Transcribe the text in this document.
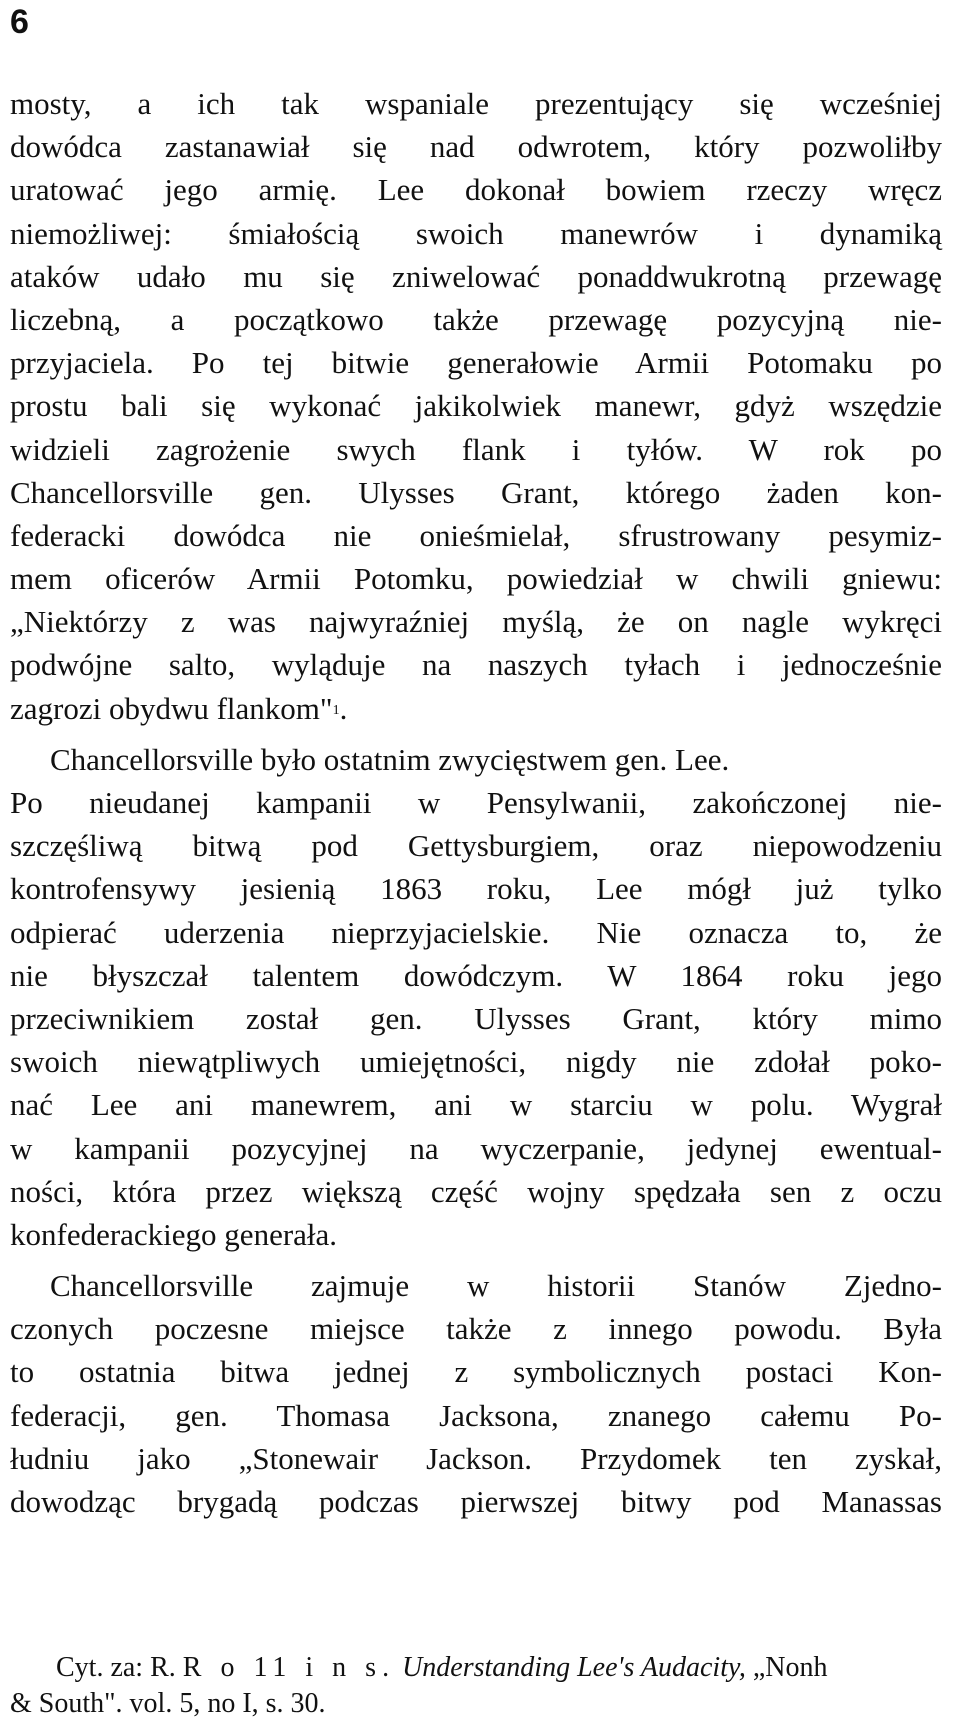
6
mosty, a ich tak wspaniale prezentujący się wcześniej
dowódca zastanawiał się nad odwrotem, który pozwoliłby
uratować jego armię. Lee dokonał bowiem rzeczy wręcz
niemożliwej: śmiałością swoich manewrów i dynamiką
ataków udało mu się zniwelować ponaddwukrotną przewagę
liczebną, a początkowo także przewagę pozycyjną nie-
przyjaciela. Po tej bitwie generałowie Armii Potomaku po
prostu bali się wykonać jakikolwiek manewr, gdyż wszędzie
widzieli zagrożenie swych flank i tyłów. W rok po
Chancellorsville gen. Ulysses Grant, którego żaden kon-
federacki dowódca nie onieśmielał, sfrustrowany pesymiz-
mem oficerów Armii Potomku, powiedział w chwili gniewu:
„Niektórzy z was najwyraźniej myślą, że on nagle wykręci
podwójne salto, wyląduje na naszych tyłach i jednocześnie
zagrozi obydwu flankom"$^1$.
Chancellorsville było ostatnim zwycięstwem gen. Lee.
Po nieudanej kampanii w Pensylwanii, zakończonej nie-
szczęśliwą bitwą pod Gettysburgiem, oraz niepowodzeniu
kontrofensywy jesienią 1863 roku, Lee mógł już tylko
odpierać uderzenia nieprzyjacielskie. Nie oznacza to, że
nie błyszczał talentem dowódczym. W 1864 roku jego
przeciwnikiem został gen. Ulysses Grant, który mimo
swoich niewątpliwych umiejętności, nigdy nie zdołał poko-
nać Lee ani manewrem, ani w starciu w polu. Wygrał
w kampanii pozycyjnej na wyczerpanie, jedynej ewentual-
ności, która przez większą część wojny spędzała sen z oczu
konfederackiego generała.
Chancellorsville zajmuje w historii Stanów Zjedno-
czonych poczesne miejsce także z innego powodu. Była
to ostatnia bitwa jednej z symbolicznych postaci Kon-
federacji, gen. Thomasa Jacksona, znanego całemu Po-
łudniu jako „Stonewair Jackson. Przydomek ten zyskał,
dowodząc brygadą podczas pierwszej bitwy pod Manassas
Cyt. za: R. R o 11 i n s. Understanding Lee's Audacity, „Nonh
& South". vol. 5, no I, s. 30.
